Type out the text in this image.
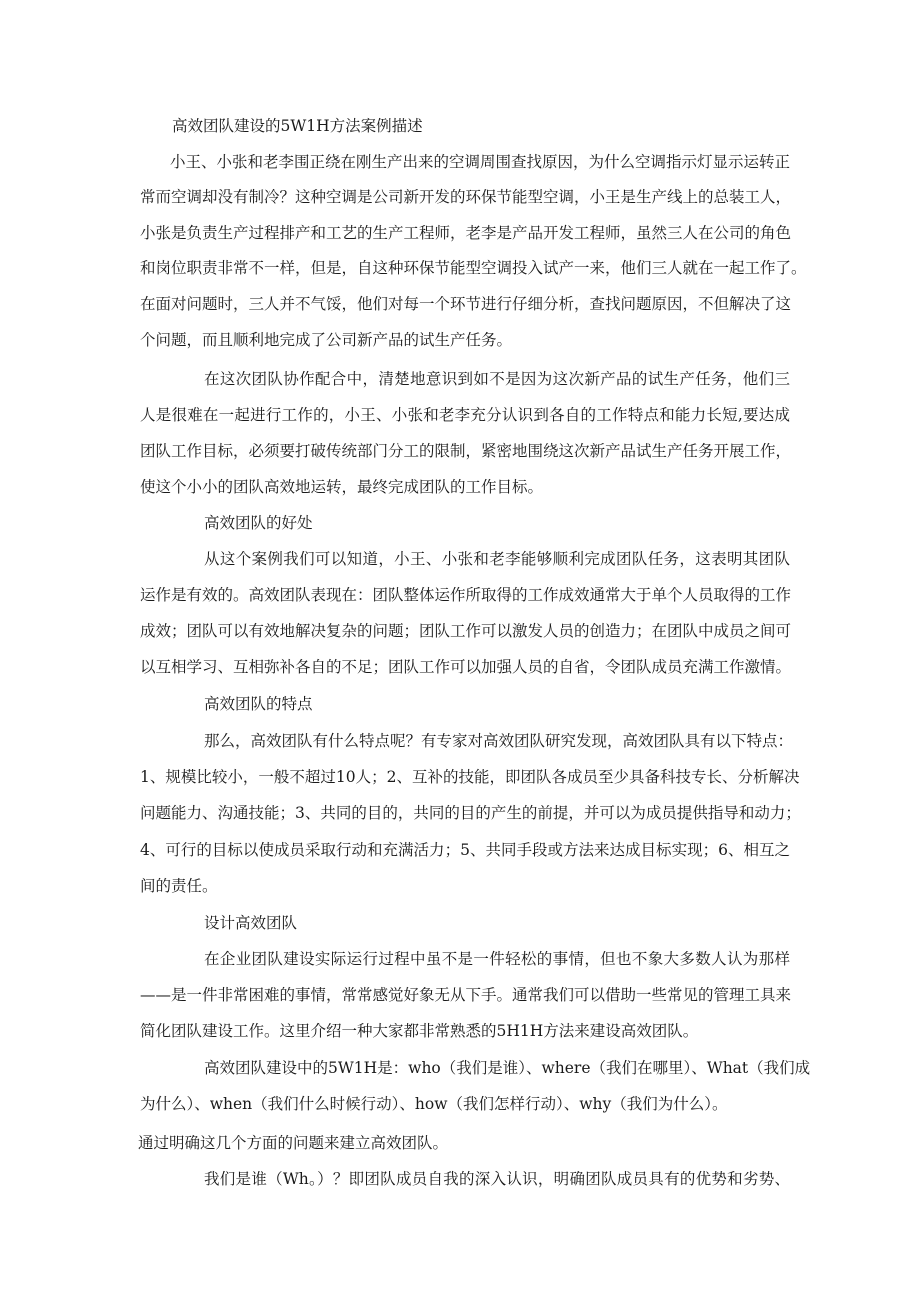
高效团队建设的5W1H方法案例描述
小王、小张和老李围正绕在刚生产出来的空调周围查找原因，为什么空调指示灯显示运转正
常而空调却没有制冷？这种空调是公司新开发的环保节能型空调，小王是生产线上的总装工人，
小张是负责生产过程排产和工艺的生产工程师，老李是产品开发工程师，虽然三人在公司的角色
和岗位职责非常不一样，但是，自这种环保节能型空调投入试产一来，他们三人就在一起工作了。
在面对问题时，三人并不气馁，他们对每一个环节进行仔细分析，查找问题原因，不但解决了这
个问题，而且顺利地完成了公司新产品的试生产任务。
在这次团队协作配合中，清楚地意识到如不是因为这次新产品的试生产任务，他们三
人是很难在一起进行工作的，小王、小张和老李充分认识到各自的工作特点和能力长短,要达成
团队工作目标，必须要打破传统部门分工的限制，紧密地围绕这次新产品试生产任务开展工作，
使这个小小的团队高效地运转，最终完成团队的工作目标。
高效团队的好处
从这个案例我们可以知道，小王、小张和老李能够顺利完成团队任务，这表明其团队
运作是有效的。高效团队表现在：团队整体运作所取得的工作成效通常大于单个人员取得的工作
成效；团队可以有效地解决复杂的问题；团队工作可以激发人员的创造力；在团队中成员之间可
以互相学习、互相弥补各自的不足；团队工作可以加强人员的自省，令团队成员充满工作激情。
高效团队的特点
那么，高效团队有什么特点呢？有专家对高效团队研究发现，高效团队具有以下特点：
1、规模比较小，一般不超过10人；2、互补的技能，即团队各成员至少具备科技专长、分析解决
问题能力、沟通技能；3、共同的目的，共同的目的产生的前提，并可以为成员提供指导和动力；
4、可行的目标以使成员采取行动和充满活力；5、共同手段或方法来达成目标实现；6、相互之
间的责任。
设计高效团队
在企业团队建设实际运行过程中虽不是一件轻松的事情，但也不象大多数人认为那样
——是一件非常困难的事情，常常感觉好象无从下手。通常我们可以借助一些常见的管理工具来
简化团队建设工作。这里介绍一种大家都非常熟悉的5H1H方法来建设高效团队。
高效团队建设中的5W1H是：who（我们是谁）、where（我们在哪里）、What（我们成
为什么）、when（我们什么时候行动）、how（我们怎样行动）、why（我们为什么）。
通过明确这几个方面的问题来建立高效团队。
我们是谁（Wh。）？即团队成员自我的深入认识，明确团队成员具有的优势和劣势、
